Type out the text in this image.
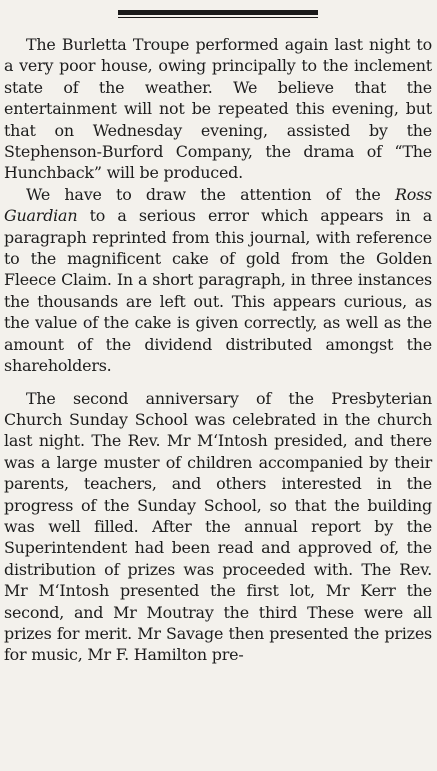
The Burletta Troupe performed again last night to a very poor house, owing principally to the inclement state of the weather. We believe that the entertainment will not be repeated this evening, but that on Wednesday evening, assisted by the Stephenson-Burford Company, the drama of “The Hunchback” will be produced.

We have to draw the attention of the Ross Guardian to a serious error which appears in a paragraph reprinted from this journal, with reference to the magnificent cake of gold from the Golden Fleece Claim. In a short paragraph, in three instances the thousands are left out. This appears curious, as the value of the cake is given correctly, as well as the amount of the dividend distributed amongst the shareholders.

The second anniversary of the Presbyterian Church Sunday School was celebrated in the church last night. The Rev. Mr M‘Intosh presided, and there was a large muster of children accompanied by their parents, teachers, and others interested in the progress of the Sunday School, so that the building was well filled. After the annual report by the Superintendent had been read and approved of, the distribution of prizes was proceeded with. The Rev. Mr M‘Intosh presented the first lot, Mr Kerr the second, and Mr Moutray the third These were all prizes for merit. Mr Savage then presented the prizes for music, Mr F. Hamilton pre-
